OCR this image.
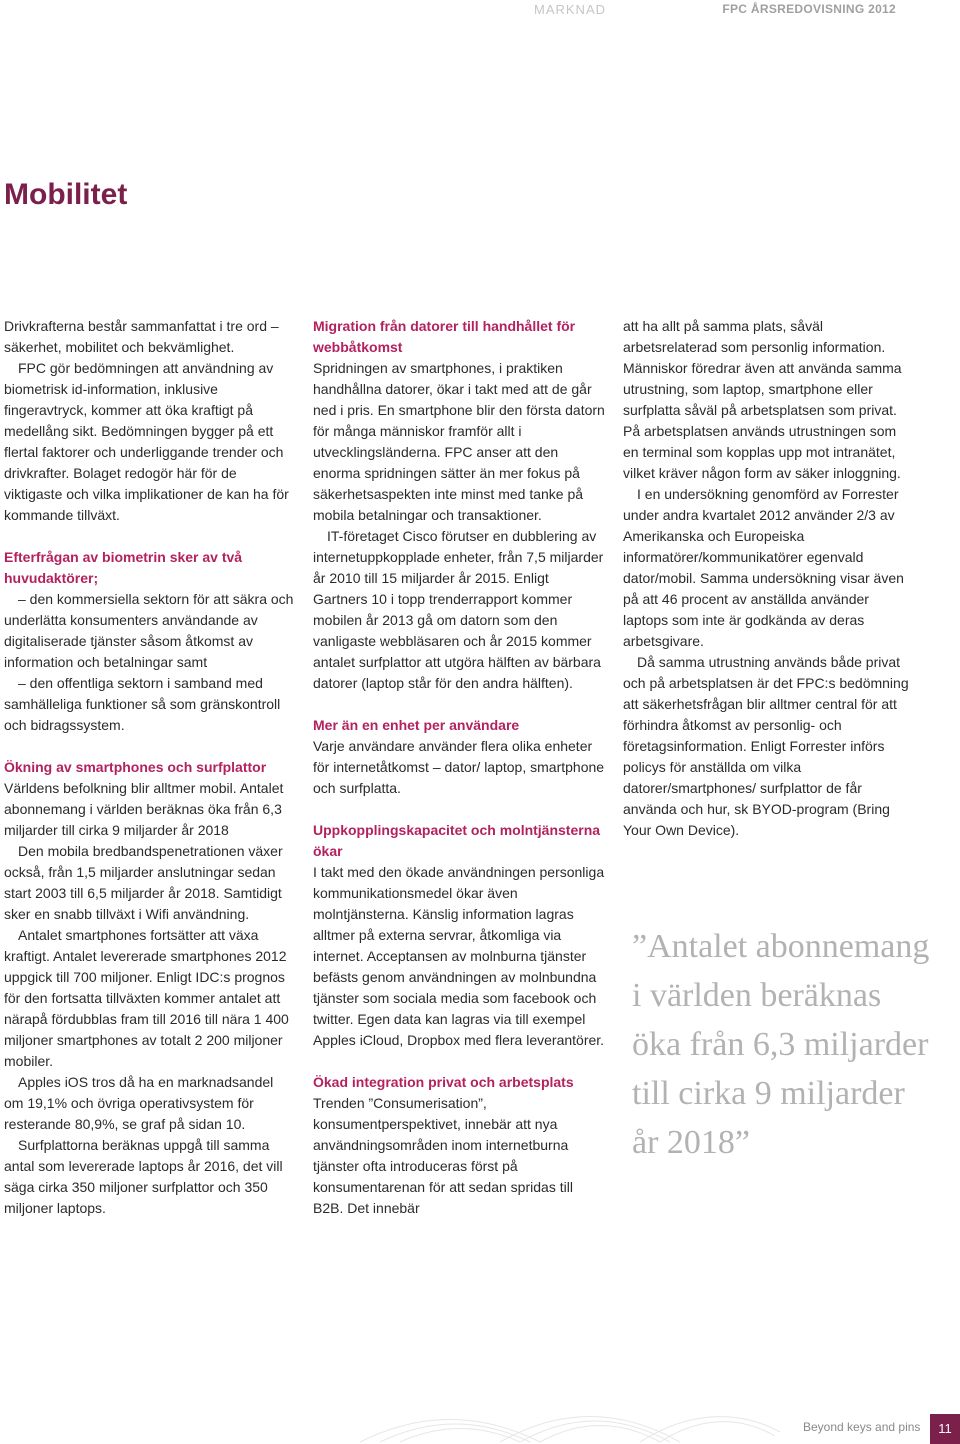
MARKNAD	FPC ÅRSREDOVISNING 2012
Mobilitet

Drivkrafterna består sammanfattat i tre ord – säkerhet, mobilitet och bekvämlighet.

FPC gör bedömningen att användning av biometrisk id-information, inklusive fingeravtryck, kommer att öka kraftigt på medellång sikt. Bedömningen bygger på ett flertal faktorer och underliggande trender och drivkrafter. Bolaget redogör här för de viktigaste och vilka implikationer de kan ha för kommande tillväxt.

Efterfrågan av biometrin sker av två huvudaktörer;

– den kommersiella sektorn för att säkra och underlätta konsumenters användande av digitaliserade tjänster såsom åtkomst av information och betalningar samt

– den offentliga sektorn i samband med samhälleliga funktioner så som gränskontroll och bidragssystem.

Ökning av smartphones och surfplattor

Världens befolkning blir alltmer mobil. Antalet abonnemang i världen beräknas öka från 6,3 miljarder till cirka 9 miljarder år 2018

Den mobila bredbandspenetrationen växer också, från 1,5 miljarder anslutningar sedan start 2003 till 6,5 miljarder år 2018. Samtidigt sker en snabb tillväxt i Wifi användning.

Antalet smartphones fortsätter att växa kraftigt. Antalet levererade smartphones 2012 uppgick till 700 miljoner. Enligt IDC:s prognos för den fortsatta tillväxten kommer antalet att närapå fördubblas fram till 2016 till nära 1 400 miljoner smartphones av totalt 2 200 miljoner mobiler.

Apples iOS tros då ha en marknadsandel om 19,1% och övriga operativsystem för resterande 80,9%, se graf på sidan 10.

Surfplattorna beräknas uppgå till samma antal som levererade laptops år 2016, det vill säga cirka 350 miljoner surfplattor och 350 miljoner laptops.

Migration från datorer till handhållet för webbåtkomst

Spridningen av smartphones, i praktiken handhållna datorer, ökar i takt med att de går ned i pris. En smartphone blir den första datorn för många människor framför allt i utvecklingsländerna. FPC anser att den enorma spridningen sätter än mer fokus på säkerhetsaspekten inte minst med tanke på mobila betalningar och transaktioner.

IT-företaget Cisco förutser en dubblering av internetuppkopplade enheter, från 7,5 miljarder år 2010 till 15 miljarder år 2015. Enligt Gartners 10 i topp trenderrapport kommer mobilen år 2013 gå om datorn som den vanligaste webbläsaren och år 2015 kommer antalet surfplattor att utgöra hälften av bärbara datorer (laptop står för den andra hälften).

Mer än en enhet per användare

Varje användare använder flera olika enheter för internetåtkomst – dator/ laptop, smartphone och surfplatta.

Uppkopplingskapacitet och molntjänsterna ökar

I takt med den ökade användningen personliga kommunikationsmedel ökar även molntjänsterna. Känslig information lagras alltmer på externa servrar, åtkomliga via internet. Acceptansen av molnburna tjänster befästs genom användningen av molnbundna tjänster som sociala media som facebook och twitter. Egen data kan lagras via till exempel Apples iCloud, Dropbox med flera leverantörer.

Ökad integration privat och arbetsplats

Trenden ”Consumerisation”, konsumentperspektivet, innebär att nya användningsområden inom internetburna tjänster ofta introduceras först på konsumentarenan för att sedan spridas till B2B. Det innebär

att ha allt på samma plats, såväl arbetsrelaterad som personlig information. Människor föredrar även att använda samma utrustning, som laptop, smartphone eller surfplatta såväl på arbetsplatsen som privat. På arbetsplatsen används utrustningen som en terminal som kopplas upp mot intranätet, vilket kräver någon form av säker inloggning.

I en undersökning genomförd av Forrester under andra kvartalet 2012 använder 2/3 av Amerikanska och Europeiska informatörer/kommunikatörer egenvald dator/mobil. Samma undersökning visar även på att 46 procent av anställda använder laptops som inte är godkända av deras arbetsgivare.

Då samma utrustning används både privat och på arbetsplatsen är det FPC:s bedömning att säkerhetsfrågan blir alltmer central för att förhindra åtkomst av personlig- och företagsinformation. Enligt Forrester införs policys för anställda om vilka datorer/smartphones/ surfplattor de får använda och hur, sk BYOD-program (Bring Your Own Device).

”Antalet abonnemang i världen beräknas öka från 6,3 miljarder till cirka 9 miljarder år 2018”

Beyond keys and pins	11
